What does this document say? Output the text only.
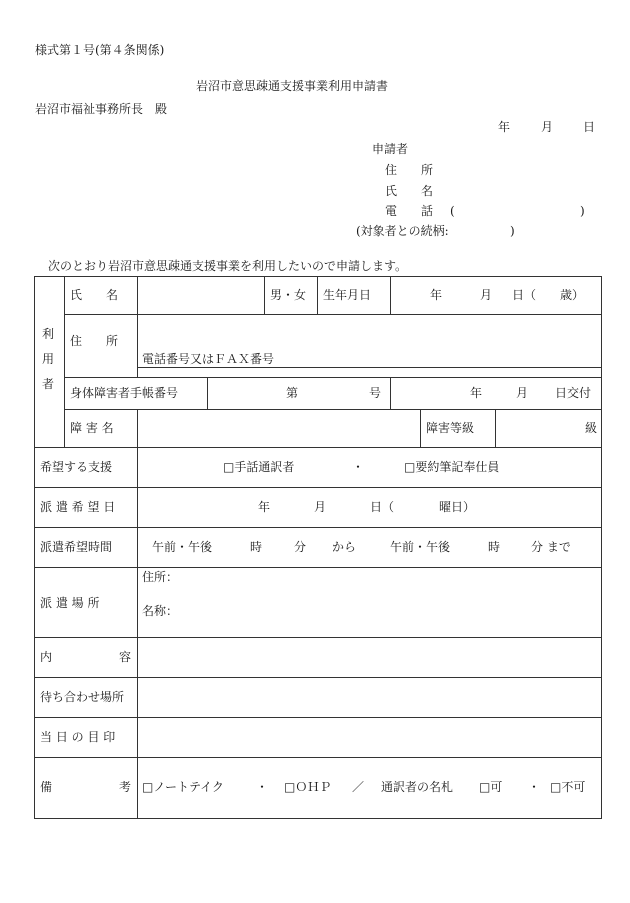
様式第１号(第４条関係)
岩沼市意思疎通支援事業利用申請書
岩沼市福祉事務所長　殿
年	月 日
申請者
住　　所
氏　　名
電　　話 (	)
(対象者との続柄:	)
次のとおり岩沼市意思疎通支援事業を利用したいので申請します。
利
用
者
氏　　名	男・女 生年月日	年	月 日（　　歳）
住　　所
電話番号又はＦＡＸ番号
身体障害者手帳番号	第	号	年	月 日交付
障 害 名	障害等級	級
希望する支援	□手話通訳者	・	□要約筆記奉仕員
派 遣 希 望 日	年	月	日（	曜日）
派遣希望時間	午前・午後	時	分 から	午前・午後	時	分 まで
派 遣 場 所
住所：
名称：
内	容
待ち合わせ場所
当 日 の 目 印
備	考 □ノートテイク	・ □ＯＨＰ ／ 通訳者の名札 □可 ・ □不可
